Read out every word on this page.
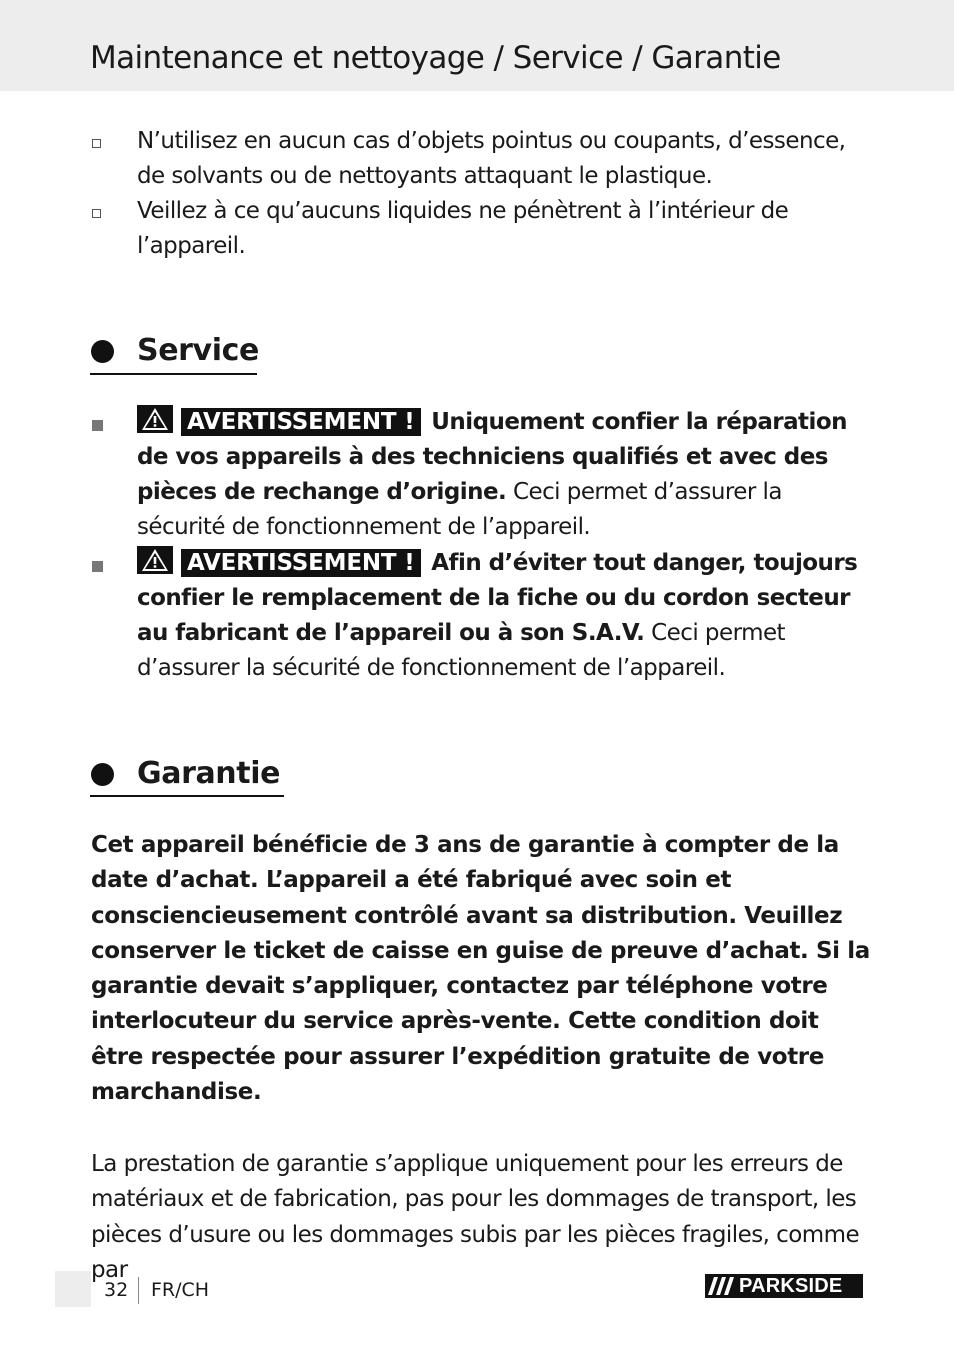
Maintenance et nettoyage / Service / Garantie

N’utilisez en aucun cas d’objets pointus ou coupants, d’essence, de solvants ou de nettoyants attaquant le plastique.

Veillez à ce qu’aucuns liquides ne pénètrent à l’intérieur de l’appareil.

Service

AVERTISSEMENT ! Uniquement confier la réparation de vos appareils à des techniciens qualifiés et avec des pièces de rechange d’origine. Ceci permet d’assurer la sécurité de fonctionnement de l’appareil.

AVERTISSEMENT ! Afin d’éviter tout danger, toujours confier le remplacement de la fiche ou du cordon secteur au fabricant de l’appareil ou à son S.A.V. Ceci permet d’assurer la sécurité de fonctionnement de l’appareil.

Garantie

Cet appareil bénéficie de 3 ans de garantie à compter de la date d’achat. L’appareil a été fabriqué avec soin et consciencieusement contrôlé avant sa distribution. Veuillez conserver le ticket de caisse en guise de preuve d’achat. Si la garantie devait s’appliquer, contactez par téléphone votre interlocuteur du service après-vente. Cette condition doit être respectée pour assurer l’expédition gratuite de votre marchandise.

La prestation de garantie s’applique uniquement pour les erreurs de matériaux et de fabrication, pas pour les dommages de transport, les pièces d’usure ou les dommages subis par les pièces fragiles, comme par

32 FR/CH	PARKSIDE
